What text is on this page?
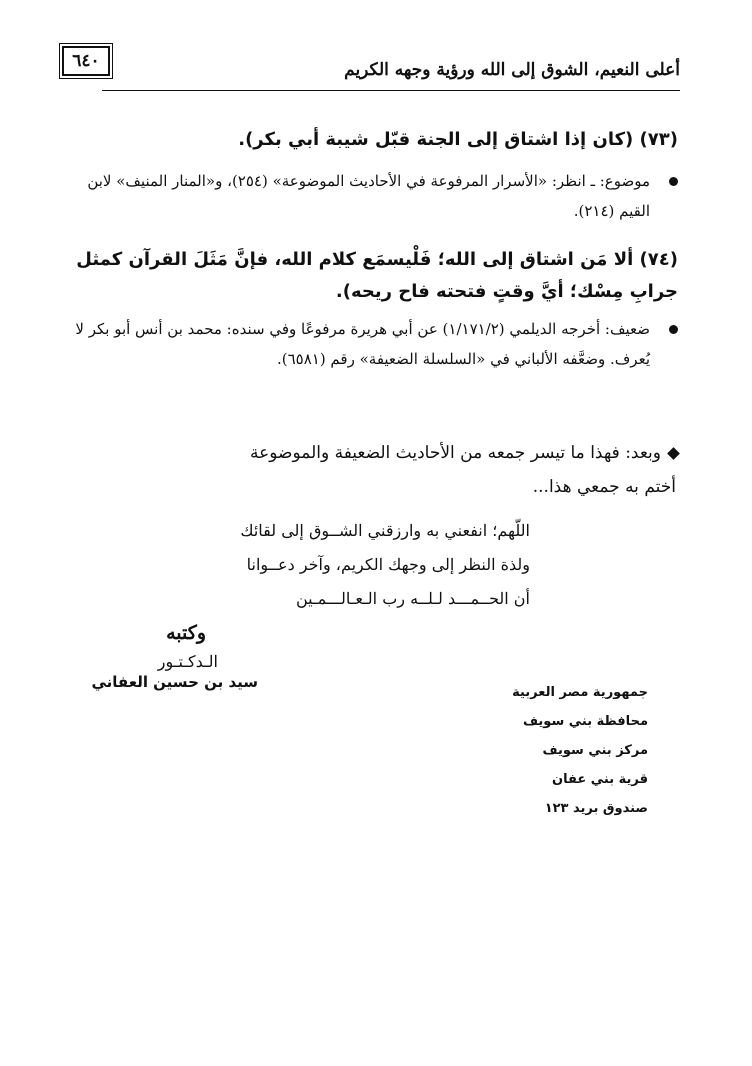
أعلى النعيم، الشوق إلى الله ورؤية وجهه الكريم
٦٤٠
(٧٣) (كان إذا اشتاق إلى الجنة قبّل شيبة أبي بكر).
موضوع: ـ انظر: «الأسرار المرفوعة في الأحاديث الموضوعة» (٢٥٤)، و«المنار المنيف» لابن القيم (٢١٤).
(٧٤) ألا مَن اشتاق إلى الله؛ فَلْيسمَع كلام الله، فإنَّ مَثَلَ القرآن كمثل جرابِ مِسْك؛ أيَّ وقتٍ فتحته فاح ريحه).
ضعيف: أخرجه الديلمي (١/١٧١/٢) عن أبي هريرة مرفوعًا وفي سنده: محمد بن أنس أبو بكر لا يُعرف. وضعَّفه الألباني في «السلسلة الضعيفة» رقم (٦٥٨١).
وبعد: فهذا ما تيسر جمعه من الأحاديث الضعيفة والموضوعة
أختم به جمعي هذا...
اللّهم؛ انفعني به وارزقني الشــوق إلى لقائك
ولذة النظر إلى وجهك الكريم، وآخر دعــوانا
أن الحــمـــد لـلــه رب الـعـالـــمـين
وكتبه
الـدكـتـور
سيد بن حسين العفاني
جمهورية مصر العربية
محافظة بني سويف
مركز بني سويف
قرية بني عفان
صندوق بريد ١٢٣
